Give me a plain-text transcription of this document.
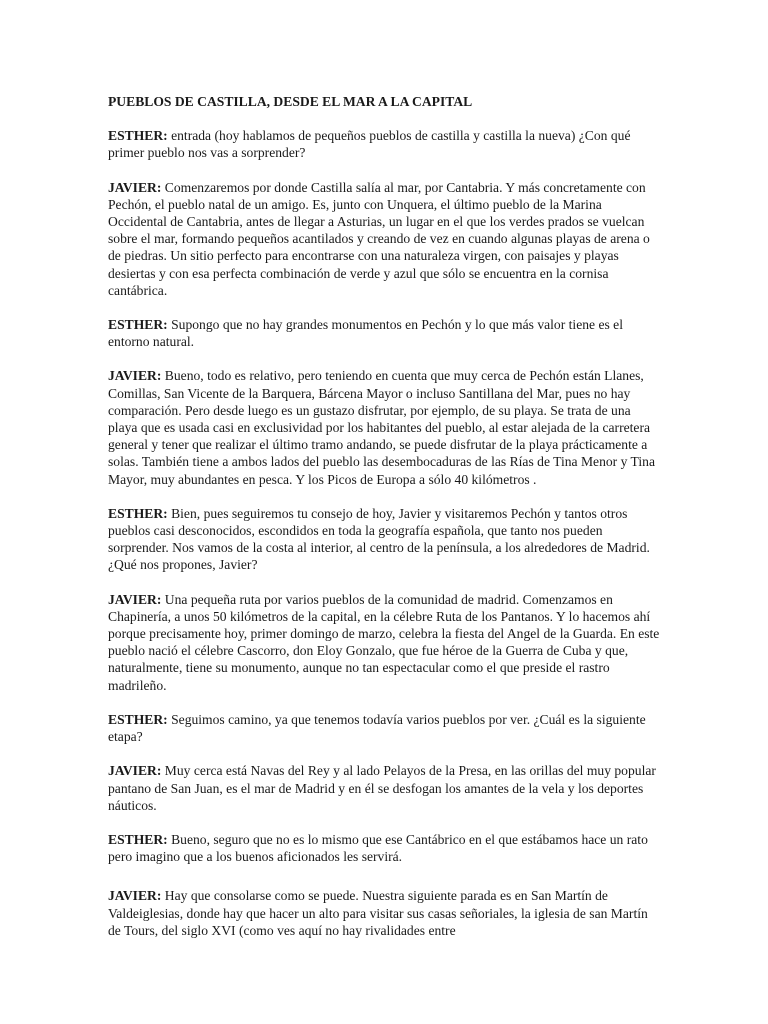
PUEBLOS DE CASTILLA, DESDE EL MAR A LA CAPITAL
ESTHER: entrada (hoy hablamos de pequeños pueblos de castilla y castilla la nueva) ¿Con qué primer pueblo nos vas a sorprender?
JAVIER: Comenzaremos por donde Castilla salía al mar, por Cantabria. Y más concretamente con Pechón, el pueblo natal de un amigo. Es, junto con Unquera, el último pueblo de la Marina Occidental de Cantabria, antes de llegar a Asturias, un lugar en el que los verdes prados se vuelcan sobre el mar, formando pequeños acantilados y creando de vez en cuando algunas playas de arena o de piedras. Un sitio perfecto para encontrarse con una naturaleza virgen, con paisajes y playas desiertas y con esa perfecta combinación de verde y azul que sólo se encuentra en la cornisa cantábrica.
ESTHER: Supongo que no hay grandes monumentos en Pechón y lo que más valor tiene es el entorno natural.
JAVIER: Bueno, todo es relativo, pero teniendo en cuenta que muy cerca de Pechón están Llanes, Comillas, San Vicente de la Barquera, Bárcena Mayor o incluso Santillana del Mar, pues no hay comparación. Pero desde luego es un gustazo disfrutar, por ejemplo, de su playa. Se trata de una playa que es usada casi en exclusividad por los habitantes del pueblo, al estar alejada de la carretera general y tener que realizar el último tramo andando, se puede disfrutar de la playa prácticamente a solas. También tiene a ambos lados del pueblo las desembocaduras de las Rías de Tina Menor y Tina Mayor, muy abundantes en pesca. Y los Picos de Europa a sólo 40 kilómetros .
ESTHER: Bien, pues seguiremos tu consejo de hoy, Javier y visitaremos Pechón y tantos otros pueblos casi desconocidos, escondidos en toda la geografía española, que tanto nos pueden sorprender. Nos vamos de la costa al interior, al centro de la península, a los alrededores de Madrid. ¿Qué nos propones, Javier?
JAVIER: Una pequeña ruta por varios pueblos de la comunidad de madrid. Comenzamos en Chapinería, a unos 50 kilómetros de la capital, en la célebre Ruta de los Pantanos. Y lo hacemos ahí porque precisamente hoy, primer domingo de marzo, celebra la fiesta del Angel de la Guarda. En este pueblo nació el célebre Cascorro, don Eloy Gonzalo, que fue héroe de la Guerra de Cuba y que, naturalmente, tiene su monumento, aunque no tan espectacular como el que preside el rastro madrileño.
ESTHER: Seguimos camino, ya que tenemos todavía varios pueblos por ver. ¿Cuál es la siguiente etapa?
JAVIER: Muy cerca está Navas del Rey y al lado Pelayos de la Presa, en las orillas del muy popular pantano de San Juan, es el mar de Madrid y en él se desfogan los amantes de la vela y los deportes náuticos.
ESTHER: Bueno, seguro que no es lo mismo que ese Cantábrico en el que estábamos hace un rato pero imagino que a los buenos aficionados les servirá.
JAVIER: Hay que consolarse como se puede. Nuestra siguiente parada es en San Martín de Valdeiglesias, donde hay que hacer un alto para visitar sus casas señoriales, la iglesia de san Martín de Tours, del siglo XVI (como ves aquí no hay rivalidades entre
